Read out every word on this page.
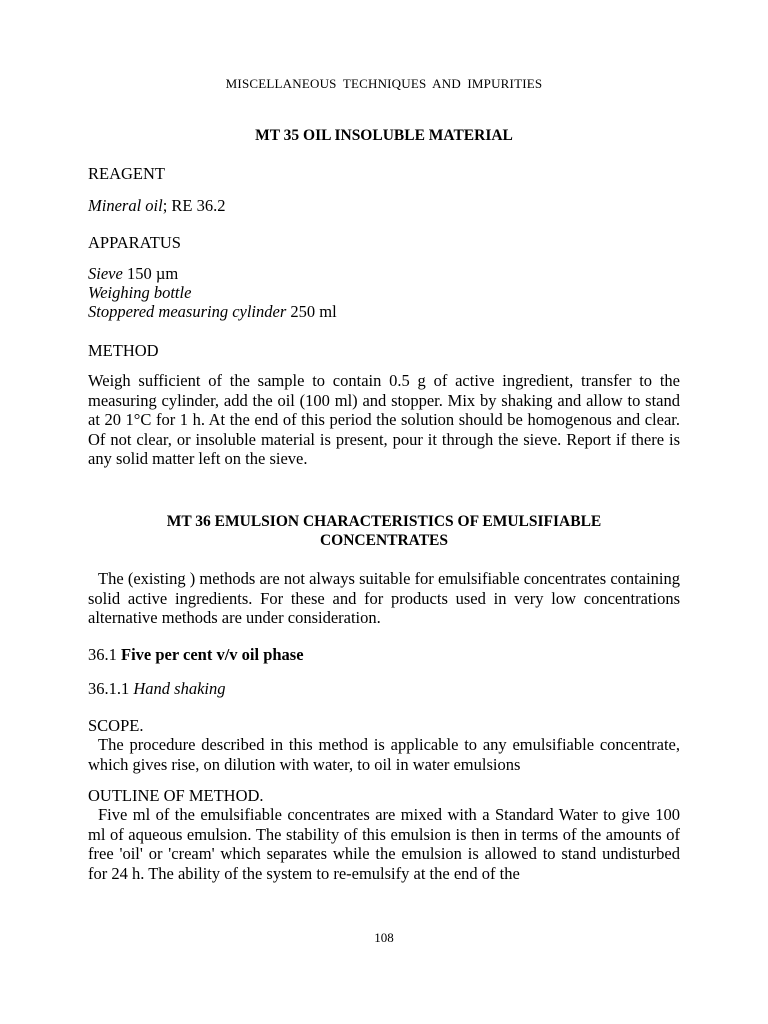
MISCELLANEOUS TECHNIQUES AND IMPURITIES
MT 35 OIL INSOLUBLE MATERIAL
REAGENT
Mineral oil; RE 36.2
APPARATUS
Sieve 150 µm
Weighing bottle
Stoppered measuring cylinder 250 ml
METHOD

Weigh sufficient of the sample to contain 0.5 g of active ingredient, transfer to the measuring cylinder, add the oil (100 ml) and stopper. Mix by shaking and allow to stand at 20 1°C for 1 h. At the end of this period the solution should be homogenous and clear. Of not clear, or insoluble material is present, pour it through the sieve. Report if there is any solid matter left on the sieve.

MT 36 EMULSION CHARACTERISTICS OF EMULSIFIABLE
CONCENTRATES

The (existing ) methods are not always suitable for emulsifiable concentrates containing solid active ingredients. For these and for products used in very low concentrations alternative methods are under consideration.

36.1 Five per cent v/v oil phase
36.1.1 Hand shaking
SCOPE.

The procedure described in this method is applicable to any emulsifiable concentrate, which gives rise, on dilution with water, to oil in water emulsions

OUTLINE OF METHOD.

Five ml of the emulsifiable concentrates are mixed with a Standard Water to give 100 ml of aqueous emulsion. The stability of this emulsion is then in terms of the amounts of free 'oil' or 'cream' which separates while the emulsion is allowed to stand undisturbed for 24 h. The ability of the system to re-emulsify at the end of the

108
